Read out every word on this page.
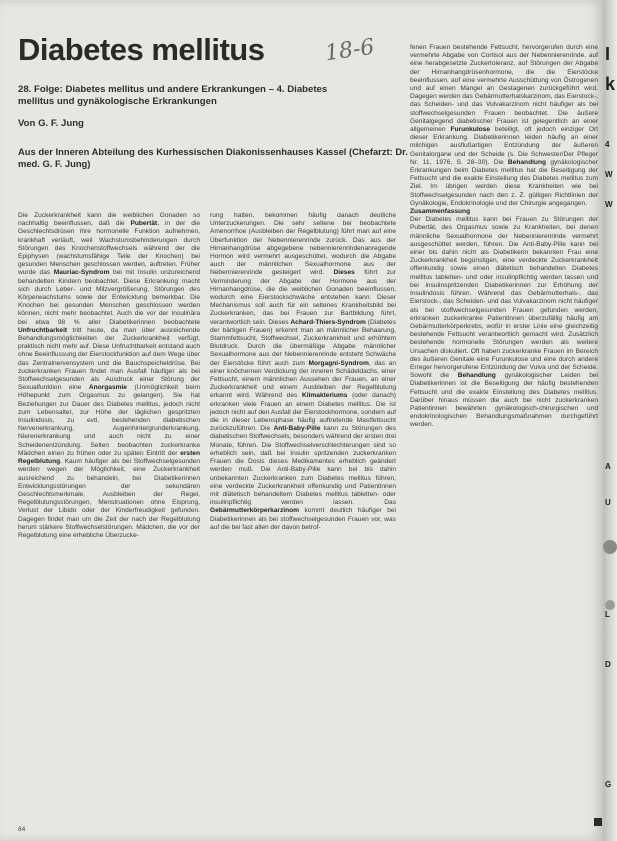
Diabetes mellitus	18-6
28. Folge: Diabetes mellitus und andere Erkrankungen – 4. Diabetes mellitus und gynäkologische Erkrankungen
Von G. F. Jung
Aus der Inneren Abteilung des Kurhessischen Diakonissenhauses Kassel (Chefarzt: Dr. med. G. F. Jung)

Die Zuckerkrankheit kann die weiblichen Gonaden so nachhaltig beeinflussen, daß die Pubertät, in der die Geschlechtsdrüsen ihre hormonelle Funktion aufnehmen, krankhaft verläuft, weil Wachstumsbehinderungen durch Störungen des Knochenstoffwechsels während der die Epiphysen (wachstumsfähige Teile der Knochen) bei gesunden Menschen geschlossen werden, auftreten. Früher wurde das Mauriac-Syndrom bei mit Insulin unzureichend behandelten Kindern beobachtet. Diese Erkrankung macht sich durch Leber- und Milzvergrößerung, Störungen des Körperwachstums sowie der Entwicklung bemerkbar. Die Knochen bei gesunden Menschen geschlossen werden können, nicht mehr beobachtet. Auch die vor der Insulinära bei etwa 98 % aller Diabetikerinnen beobachtete Unfruchtbarkeit tritt heute, da man über ausreichende Behandlungsmöglichkeiten der Zuckerkrankheit verfügt, praktisch nicht mehr auf. Diese Unfruchtbarkeit entstand auch ohne Beeinflussung der Eierstockfunktion auf dem Wege über das Zentralnervensystem und die Bauchspeicheldrüse. Bei zuckerkranken Frauen findet man Ausfall häufiger als bei Stoffwechselgesunden als Ausdruck einer Störung der Sexualfunktion eine Anorgasmie (Unmöglichkeit beim Höhepunkt zum Orgasmus zu gelangen). Sie hat Beziehungen zur Dauer des Diabetes mellitus, jedoch nicht zum Lebensalter, zur Höhe der täglichen gespritzten Insulindosis, zu evtl. bestehenden diabetischen Nervenerkrankung, Augenhintergrunderkrankung, Nierenerkrankung und auch nicht zu einer Scheidenentzündung. Selten beobachten zuckerkranke Mädchen einen zu frühen oder zu späten Eintritt der ersten Regelblutung. Kaum häufiger als bei Stoffwechselgesunden werden wegen der Möglichkeit, eine Zuckerkrankheit ausreichend zu behandeln, bei Diabetikerinnen Entwicklungsstörungen der sekundären Geschlechtsmerkmale, Ausbleiben der Regel, Regelblutungsstörungen, Menstruationen ohne Eisprung, Verlust der Libido oder der Kinderfreudigkeit gefunden. Dagegen findet man um die Zeit der nach der Regelblutung herum stärkere Stoffwechselstörungen. Mädchen, die vor der Regelblutung eine erhebliche Überzucke-

rung hatten, bekommen häufig danach deutliche Unterzuckerungen. Die sehr seltene bei beobachtete Amenorrhoe (Ausbleiben der Regelblutung) führt man auf eine Überfunktion der Nebennierenrinde zurück. Das aus der Hirnanhangdrüse abgegebene nebennierenrindenanregende Hormon wird vermehrt ausgeschüttet, wodurch die Abgabe auch der männlichen Sexualhormone aus der Nebennierenrinde gesteigert wird. Dieses führt zur Verminderung der Abgabe der Hormone aus der Hirnanhangdrüse, die die weiblichen Gonaden beeinflussen, wodurch eine Eierstockschwäche entstehen kann. Dieser Mechanismus soll auch für ein seltenes Krankheitsbild bei Zuckerkranken, das bei Frauen zur Bartbildung führt, verantwortlich sein. Dieses Achard-Thiers-Syndrom (Diabetes der bärtigen Frauen) erkennt man an männlicher Behaarung, Stammfettsucht, Stoffwechsel, Zuckerkrankheit und erhöhtem Blutdruck. Durch die übermäßige Abgabe männlicher Sexualhormone aus der Nebennierenrinde entsteht Schwäche der Eierstöcke führt auch zum Morgagni-Syndrom, das an einer knöchernen Verdickung der inneren Schädeldachs, einer Fettsucht, einem männlichen Aussehen der Frauen, an einer Zuckerkrankheit und einem Ausbleiben der Regelblutung erkannt wird. Während des Klimakteriums (oder danach) erkranken viele Frauen an einem Diabetes mellitus. Die ist jedoch nicht auf den Ausfall der Eierstockhormone, sondern auf die in dieser Lebensphase häufig auftretende Mastfettsucht zurückzuführen. Die Anti-Baby-Pille kann zu Störungen des diabetischen Stoffwechsels, besonders während der ersten drei Monate, führen. Die Stoffwechselverschlechterungen sind so erheblich sein, daß bei Insulin spritzenden zuckerkranken Frauen die Dosis dieses Medikamentes erheblich geändert werden muß. Die Anti-Baby-Pille kann bei bis dahin unbekannten Zuckerkranken zum Diabetes mellitus führen, eine verdeckte Zuckerkrankheit offenkundig und Patientinnen mit diätetisch behandeltem Diabetes mellitus tabletten- oder insulinpflichtig werden lassen. Das Gebärmutterkörperkarzinom kommt deutlich häufiger bei Diabetikerinnen als bei stoffwechselgesunden Frauen vor, was auf die bei fast allen der davon betrof-

fenen Frauen bestehende Fettsucht, hervorgerufen durch eine vermehrte Abgabe von Cortisol aus der Nebennierenrinde, auf eine herabgesetzte Zuckertoleranz, auf Störungen der Abgabe der Hirnanhangdrüsenhormone, die die Eierstöcke beeinflussen, auf eine vermehrte Ausschüttung von Östrogenen und auf einen Mangel an Gestagenen zurückgeführt wird. Dagegen werden das Gebärmutterhalskarzinom, das Eierstock-, das Scheiden- und das Vulvakarzinom nicht häufiger als bei stoffwechselgesunden Frauen beobachtet. Die äußere Genitalgegend diabetischer Frauen ist gelegentlich an einer allgemeinen Furunkulose beteiligt, oft jedoch einziger Ort dieser Erkrankung. Diabetikerinnen leiden häufig an einer milchigen ausflußartigen Entzündung der äußeren Genitalorgane und der Scheide (s. Die Schwester/Der Pfleger Nr. 11, 1976, S. 28–30). Die Behandlung gynäkologischer Erkrankungen beim Diabetes mellitus hat die Beseitigung der Fettsucht und die exakte Einstellung des Diabetes mellitus zum Ziel. Im übrigen werden diese Krankheiten wie bei Stoffwechselgesunden nach den z. Z. gültigen Richtlinien der Gynäkologie, Endokrinologie und der Chirurgie angegangen.

Zusammenfassung

Der Diabetes mellitus kann bei Frauen zu Störungen der Pubertät, des Orgasmus sowie zu Krankheiten, bei denen männliche Sexualhormone der Nebennierenrinde vermehrt ausgeschüttet werden, führen. Die Anti-Baby-Pille kann bei einer bis dahin nicht als Diabetikerin bekannten Frau eine Zuckerkrankheit begünstigen, eine verdeckte Zuckerkrankheit offenkundig sowie einen diätetisch behandelten Diabetes mellitus tabletten- und oder insulinpflichtig werden lassen und bei insulinspritzenden Diabetikerinnen zur Erhöhung der Insulindosis führen. Während das Gebärmutterhals-, das Eierstock-, das Scheiden- und das Vulvakarzinom nicht häufiger als bei stoffwechselgesunden Frauen gefunden werden, erkranken zuckerkranke Patientinnen überzufällig häufig am Gebärmutterkörperkrebs, wofür in erster Linie eine gleichzeitig bestehende Fettsucht verantwortlich gemacht wird. Zusätzlich bestehende hormonelle Störungen werden als weitere Ursachen diskutiert. Oft haben zuckerkranke Frauen im Bereich des äußeren Genitale eine Furunkulose und eine durch andere Erreger hervorgerufene Entzündung der Vulva und der Scheide. Sowohl die Behandlung gynäkologischer Leiden bei Diabetikerinnen ist die Beseitigung der häufig bestehenden Fettsucht und die exakte Einstellung des Diabetes mellitus. Darüber hinaus müssen die auch bei nicht zuckerkranken Patientinnen bewährten gynäkologisch-chirurgischen und endokrinologischen Behandlungsmaßnahmen durchgeführt werden.

84
I
k
4
W
W
A
U
L
D
G
